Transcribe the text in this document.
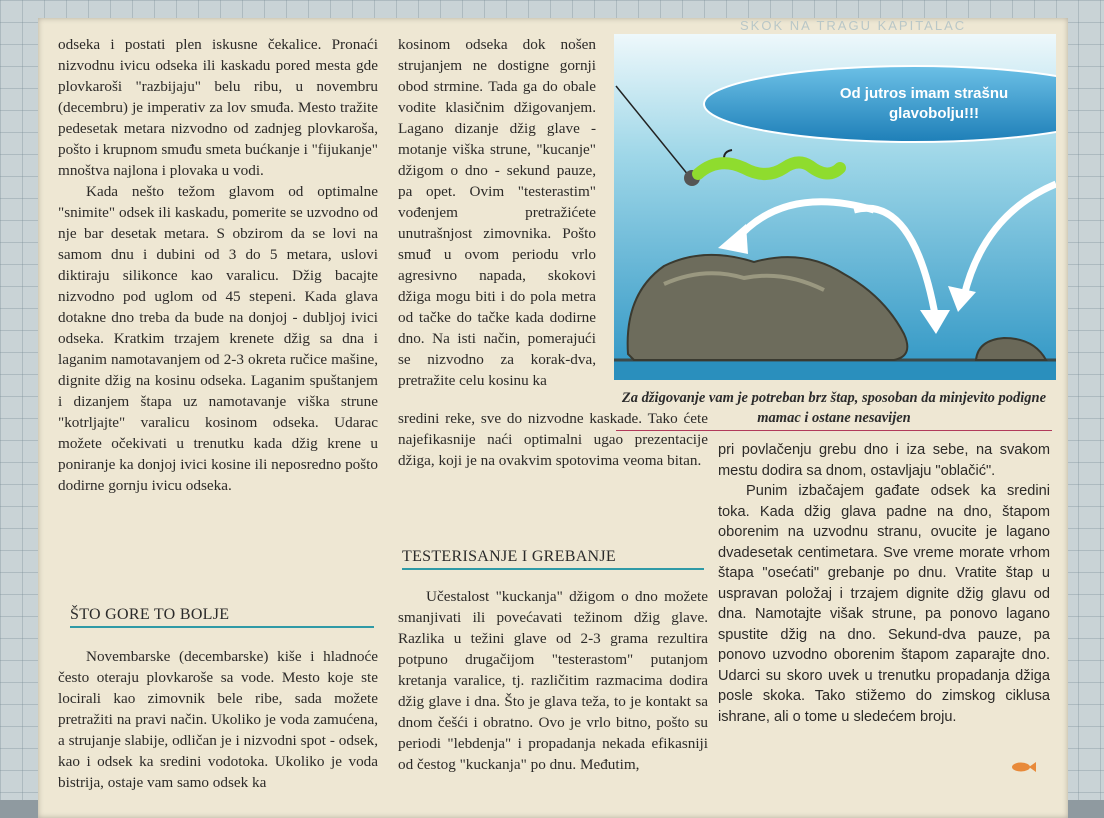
SKOK NA TRAGU KAPITALAC

odseka i postati plen iskusne čekalice. Pronaći nizvodnu ivicu odseka ili kaskadu pored mesta gde plovkaroši "razbijaju" belu ribu, u novembru (decembru) je imperativ za lov smuđa. Mesto tražite pedesetak metara nizvodno od zadnjeg plovkaroša, pošto i krupnom smuđu smeta bućkanje i "fijukanje" mnoštva najlona i plovaka u vodi.

Kada nešto težom glavom od optimalne "snimite" odsek ili kaskadu, pomerite se uzvodno od nje bar desetak metara. S obzirom da se lovi na samom dnu i dubini od 3 do 5 metara, uslovi diktiraju silikonce kao varalicu. Džig bacajte nizvodno pod uglom od 45 stepeni. Kada glava dotakne dno treba da bude na donjoj - dubljoj ivici odseka. Kratkim trzajem krenete džig sa dna i laganim namotavanjem od 2-3 okreta ručice mašine, dignite džig na kosinu odseka. Laganim spuštanjem i dizanjem štapa uz namotavanje viška strune "kotrljajte" varalicu kosinom odseka. Udarac možete očekivati u trenutku kada džig krene u poniranje ka donjoj ivici kosine ili neposredno pošto dodirne gornju ivicu odseka.

ŠTO GORE TO BOLJE

Novembarske (decembarske) kiše i hladnoće često oteraju plovkaroše sa vode. Mesto koje ste locirali kao zimovnik bele ribe, sada možete pretražiti na pravi način. Ukoliko je voda zamućena, a strujanje slabije, odličan je i nizvodni spot - odsek, kao i odsek ka sredini vodotoka. Ukoliko je voda bistrija, ostaje vam samo odsek ka

kosinom odseka dok nošen strujanjem ne dostigne gornji obod strmine. Tada ga do obale vodite klasičnim džigovanjem. Lagano dizanje džig glave - motanje viška strune, "kucanje" džigom o dno - sekund pauze, pa opet. Ovim "testerastim" vođenjem pretražićete unutrašnjost zimovnika. Pošto smuđ u ovom periodu vrlo agresivno napada, skokovi džiga mogu biti i do pola metra od tačke do tačke kada dodirne dno. Na isti način, pomerajući se nizvodno za korak-dva, pretražite celu kosinu ka

sredini reke, sve do nizvodne kaskade. Tako ćete najefikasnije naći optimalni ugao prezentacije džiga, koji je na ovakvim spotovima veoma bitan.

TESTERISANJE I GREBANJE

Učestalost "kuckanja" džigom o dno možete smanjivati ili povećavati težinom džig glave. Razlika u težini glave od 2-3 grama rezultira potpuno drugačijom "testerastom" putanjom kretanja varalice, tj. različitim razmacima dodira džig glave i dna. Što je glava teža, to je kontakt sa dnom češći i obratno. Ovo je vrlo bitno, pošto su periodi "lebdenja" i propadanja nekada efikasniji od čestog "kuckanja" po dnu. Međutim,

Od jutros imam strašnu
glavobolju!!!
Za džigovanje vam je potreban brz štap, sposoban da minjevito podigne mamac i ostane nesavijen

pri povlačenju grebu dno i iza sebe, na svakom mestu dodira sa dnom, ostavljaju "oblačić".

Punim izbačajem gađate odsek ka sredini toka. Kada džig glava padne na dno, štapom oborenim na uzvodnu stranu, ovucite je lagano dvadesetak centimetara. Sve vreme morate vrhom štapa "osećati" grebanje po dnu. Vratite štap u uspravan položaj i trzajem dignite džig glavu od dna. Namotajte višak strune, pa ponovo lagano spustite džig na dno. Sekund-dva pauze, pa ponovo uzvodno oborenim štapom zaparajte dno. Udarci su skoro uvek u trenutku propadanja džiga posle skoka. Tako stižemo do zimskog ciklusa ishrane, ali o tome u sledećem broju.
